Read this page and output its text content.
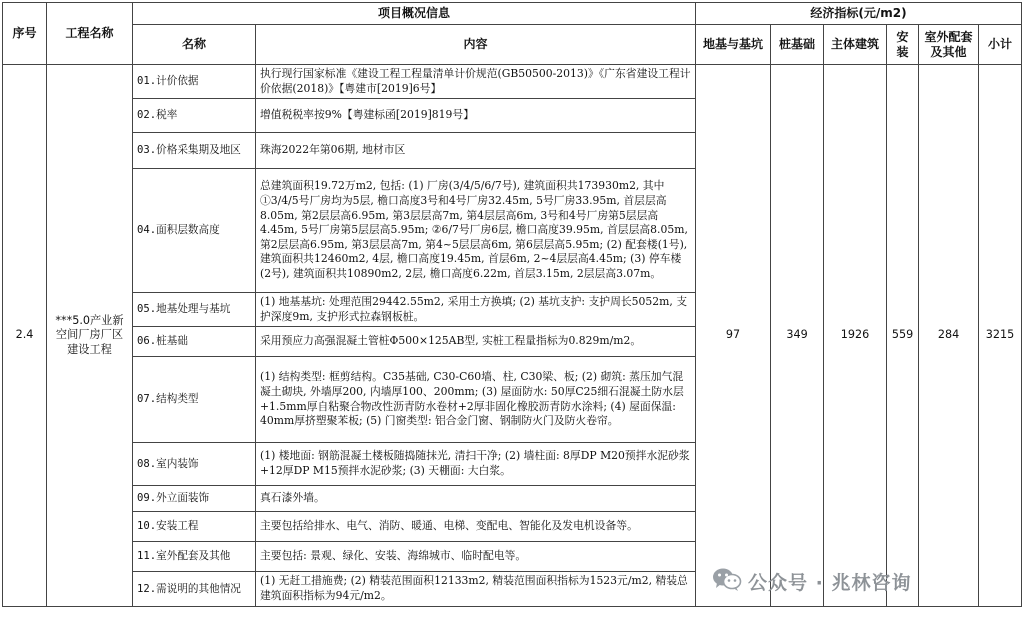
序号	工程名称	项目概况信息		经济指标(元/m2)					
		名称	内容	地基与基坑	桩基础	主体建筑	安装	室外配套及其他	小计
2.4	***5.0产业新空间厂房厂区建设工程	01.计价依据	执行现行国家标准《建设工程工程量清单计价规范(GB50500-2013)》《广东省建设工程计价依据(2018)》【粤建市[2019]6号】	97	349	1926	559	284	3215
		02.税率	增值税税率按9%【粤建标函[2019]819号】						
		03.价格采集期及地区	珠海2022年第06期, 地材市区						
		04.面积层数高度	总建筑面积19.72万m2, 包括: (1) 厂房(3/4/5/6/7号), 建筑面积共173930m2, 其中①3/4/5号厂房均为5层, 檐口高度3号和4号厂房32.45m, 5号厂房33.95m, 首层层高8.05m, 第2层层高6.95m, 第3层层高7m, 第4层层高6m, 3号和4号厂房第5层层高4.45m, 5号厂房第5层层高5.95m; ②6/7号厂房6层, 檐口高度39.95m, 首层层高8.05m, 第2层层高6.95m, 第3层层高7m, 第4~5层层高6m, 第6层层高5.95m; (2) 配套楼(1号), 建筑面积共12460m2, 4层, 檐口高度19.45m, 首层6m, 2~4层层高4.45m; (3) 停车楼(2号), 建筑面积共10890m2, 2层, 檐口高度6.22m, 首层3.15m, 2层层高3.07m。						
		05.地基处理与基坑	(1) 地基基坑: 处理范围29442.55m2, 采用土方换填; (2) 基坑支护: 支护周长5052m, 支护深度9m, 支护形式拉森钢板桩。						
		06.桩基础	采用预应力高强混凝土管桩Φ500×125AB型, 实桩工程量指标为0.829m/m2。						
		07.结构类型	(1) 结构类型: 框剪结构。C35基础, C30-C60墙、柱, C30梁、板; (2) 砌筑: 蒸压加气混凝土砌块, 外墙厚200, 内墙厚100、200mm; (3) 屋面防水: 50厚C25细石混凝土防水层+1.5mm厚自粘聚合物改性沥青防水卷材+2厚非固化橡胶沥青防水涂料; (4) 屋面保温: 40mm厚挤塑聚苯板; (5) 门窗类型: 铝合金门窗、钢制防火门及防火卷帘。						
		08.室内装饰	(1) 楼地面: 钢筋混凝土楼板随捣随抹光, 清扫干净; (2) 墙柱面: 8厚DP M20预拌水泥砂浆+12厚DP M15预拌水泥砂浆; (3) 天棚面: 大白浆。						
		09.外立面装饰	真石漆外墙。						
		10.安装工程	主要包括给排水、电气、消防、暖通、电梯、变配电、智能化及发电机设备等。						
		11.室外配套及其他	主要包括: 景观、绿化、安装、海绵城市、临时配电等。						
		12.需说明的其他情况	(1) 无赶工措施费; (2) 精装范围面积12133m2, 精装范围面积指标为1523元/m2, 精装总建筑面积指标为94元/m2。						
公众号 · 兆林咨询
